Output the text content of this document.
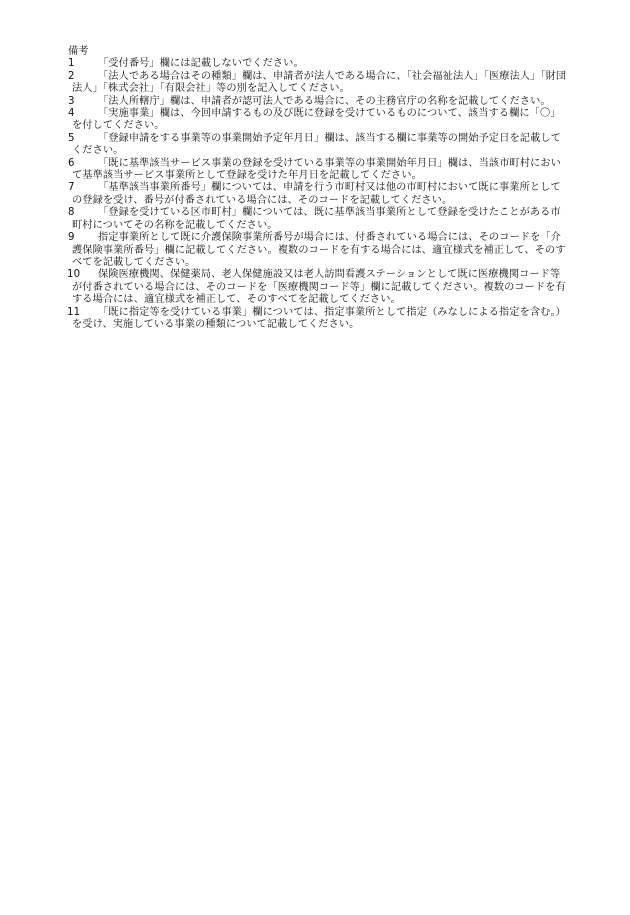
備考
1	「受付番号」欄には記載しないでください。
2	「法人である場合はその種類」欄は、申請者が法人である場合に、「社会福祉法人」「医療法人」「財団法人」「株式会社」「有限会社」等の別を記入してください。
3	「法人所轄庁」欄は、申請者が認可法人である場合に、その主務官庁の名称を記載してください。
4	「実施事業」欄は、今回申請するもの及び既に登録を受けているものについて、該当する欄に「〇」を付してください。
5	「登録申請をする事業等の事業開始予定年月日」欄は、該当する欄に事業等の開始予定日を記載してください。
6	「既に基準該当サービス事業の登録を受けている事業等の事業開始年月日」欄は、当該市町村において基準該当サービス事業所として登録を受けた年月日を記載してください。
7	「基準該当事業所番号」欄については、申請を行う市町村又は他の市町村において既に事業所としての登録を受け、番号が付番されている場合には、そのコードを記載してください。
8	「登録を受けている区市町村」欄については、既に基準該当事業所として登録を受けたことがある市町村についてその名称を記載してください。
9	指定事業所として既に介護保険事業所番号が場合には、付番されている場合には、そのコードを「介護保険事業所番号」欄に記載してください。複数のコードを有する場合には、適宜様式を補正して、そのすべてを記載してください。
10	保険医療機関、保健薬局、老人保健施設又は老人訪問看護ステーションとして既に医療機関コード等が付番されている場合には、そのコードを「医療機関コード等」欄に記載してください。複数のコードを有する場合には、適宜様式を補正して、そのすべてを記載してください。
11	「既に指定等を受けている事業」欄については、指定事業所として指定（みなしによる指定を含む。）を受け、実施している事業の種類について記載してください。
